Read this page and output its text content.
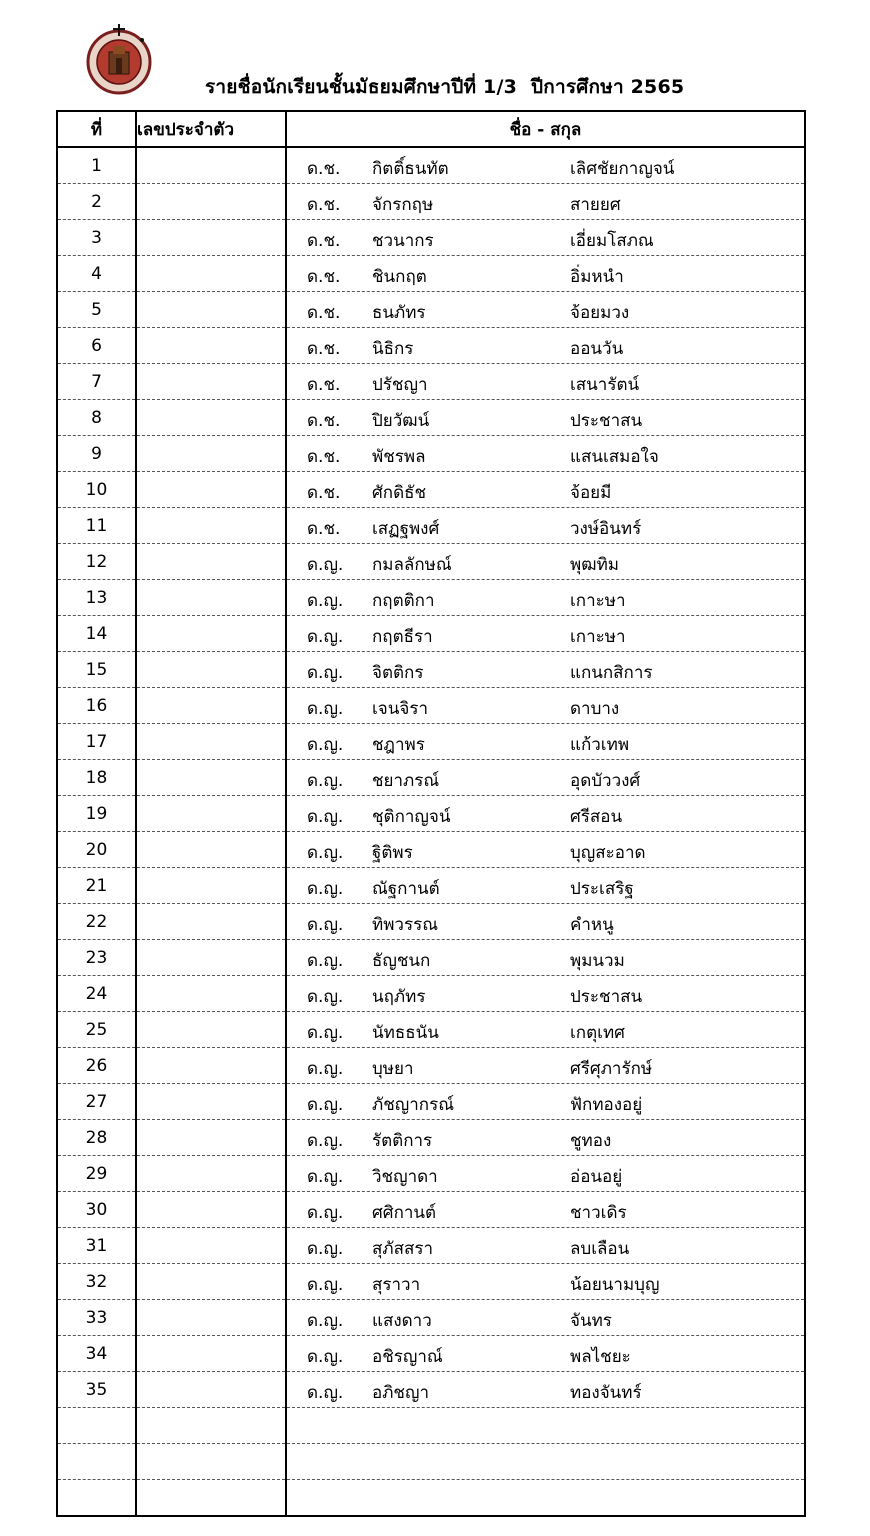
รายชื่อนักเรียนชั้นมัธยมศึกษาปีที่ 1/3 ปีการศึกษา 2565
ที่	เลขประจำตัว	ชื่อ - สกุล
1		ด.ช. กิตติ์ธนทัต เลิศชัยกาญจน์

2		ด.ช. จักรกฤษ สายยศ

3		ด.ช. ชวนากร เอี่ยมโสภณ

4		ด.ช. ชินกฤต อิ่มหนำ

5		ด.ช. ธนภัทร จ้อยมวง

6		ด.ช. นิธิกร ออนวัน

7		ด.ช. ปรัชญา เสนารัตน์

8		ด.ช. ปิยวัฒน์ ประชาสน

9		ด.ช. พัชรพล แสนเสมอใจ

10		ด.ช. ศักดิธัช จ้อยมี

11		ด.ช. เสฏฐพงศ์ วงษ์อินทร์

12		ด.ญ. กมลลักษณ์ พุฒทิม

13		ด.ญ. กฤตติกา เกาะษา

14		ด.ญ. กฤตธีรา เกาะษา

15		ด.ญ. จิตติกร แกนกสิการ

16		ด.ญ. เจนจิรา ดาบาง

17		ด.ญ. ชฎาพร แก้วเทพ

18		ด.ญ. ชยาภรณ์ อุดบัววงศ์

19		ด.ญ. ชุติกาญจน์ ศรีสอน

20		ด.ญ. ฐิติพร บุญสะอาด

21		ด.ญ. ณัฐกานต์ ประเสริฐ

22		ด.ญ. ทิพวรรณ คำหนู

23		ด.ญ. ธัญชนก พุมนวม

24		ด.ญ. นฤภัทร ประชาสน

25		ด.ญ. นัทธธนัน เกตุเทศ

26		ด.ญ. บุษยา ศรีศุภารักษ์

27		ด.ญ. ภัชญากรณ์ ฟักทองอยู่

28		ด.ญ. รัตติการ ชูทอง

29		ด.ญ. วิชญาดา อ่อนอยู่

30		ด.ญ. ศศิกานต์ ชาวเดิร

31		ด.ญ. สุภัสสรา ลบเลือน

32		ด.ญ. สุราวา น้อยนามบุญ

33		ด.ญ. แสงดาว จันทร

34		ด.ญ. อชิรญาณ์ พลไชยะ

35		ด.ญ. อภิชญา ทองจันทร์
